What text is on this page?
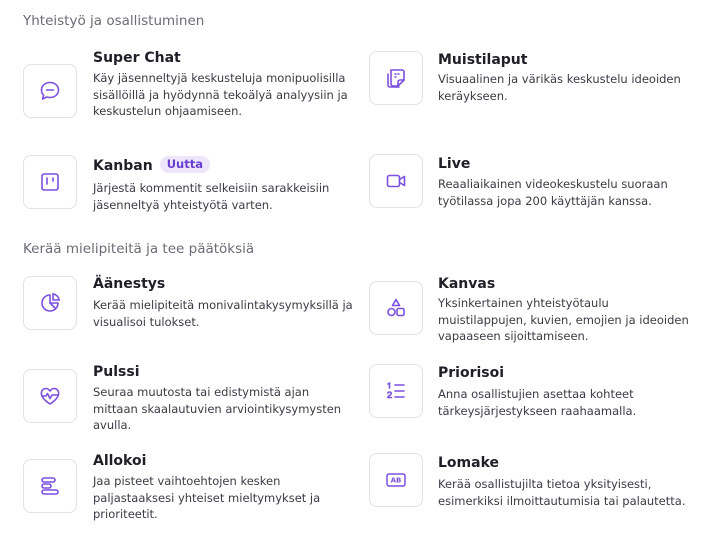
Yhteistyö ja osallistuminen
Super Chat
Käy jäsenneltyjä keskusteluja monipuolisilla sisällöillä ja hyödynnä tekoälyä analyysiin ja keskustelun ohjaamiseen.
Muistilaput
Visuaalinen ja värikäs keskustelu ideoiden keräykseen.
Kanban Uutta
Järjestä kommentit selkeisiin sarakkeisiin jäsenneltyä yhteistyötä varten.
Live
Reaaliaikainen videokeskustelu suoraan työtilassa jopa 200 käyttäjän kanssa.
Kerää mielipiteitä ja tee päätöksiä
Äänestys
Kerää mielipiteitä monivalintakysymyksillä ja visualisoi tulokset.
Kanvas
Yksinkertainen yhteistyötaulu muistilappujen, kuvien, emojien ja ideoiden vapaaseen sijoittamiseen.
Pulssi
Seuraa muutosta tai edistymistä ajan mittaan skaalautuvien arviointikysymysten avulla.
Priorisoi
Anna osallistujien asettaa kohteet tärkeysjärjestykseen raahaamalla.
Allokoi
Jaa pisteet vaihtoehtojen kesken paljastaaksesi yhteiset mieltymykset ja prioriteetit.
AB
Lomake
Kerää osallistujilta tietoa yksityisesti, esimerkiksi ilmoittautumisia tai palautetta.
